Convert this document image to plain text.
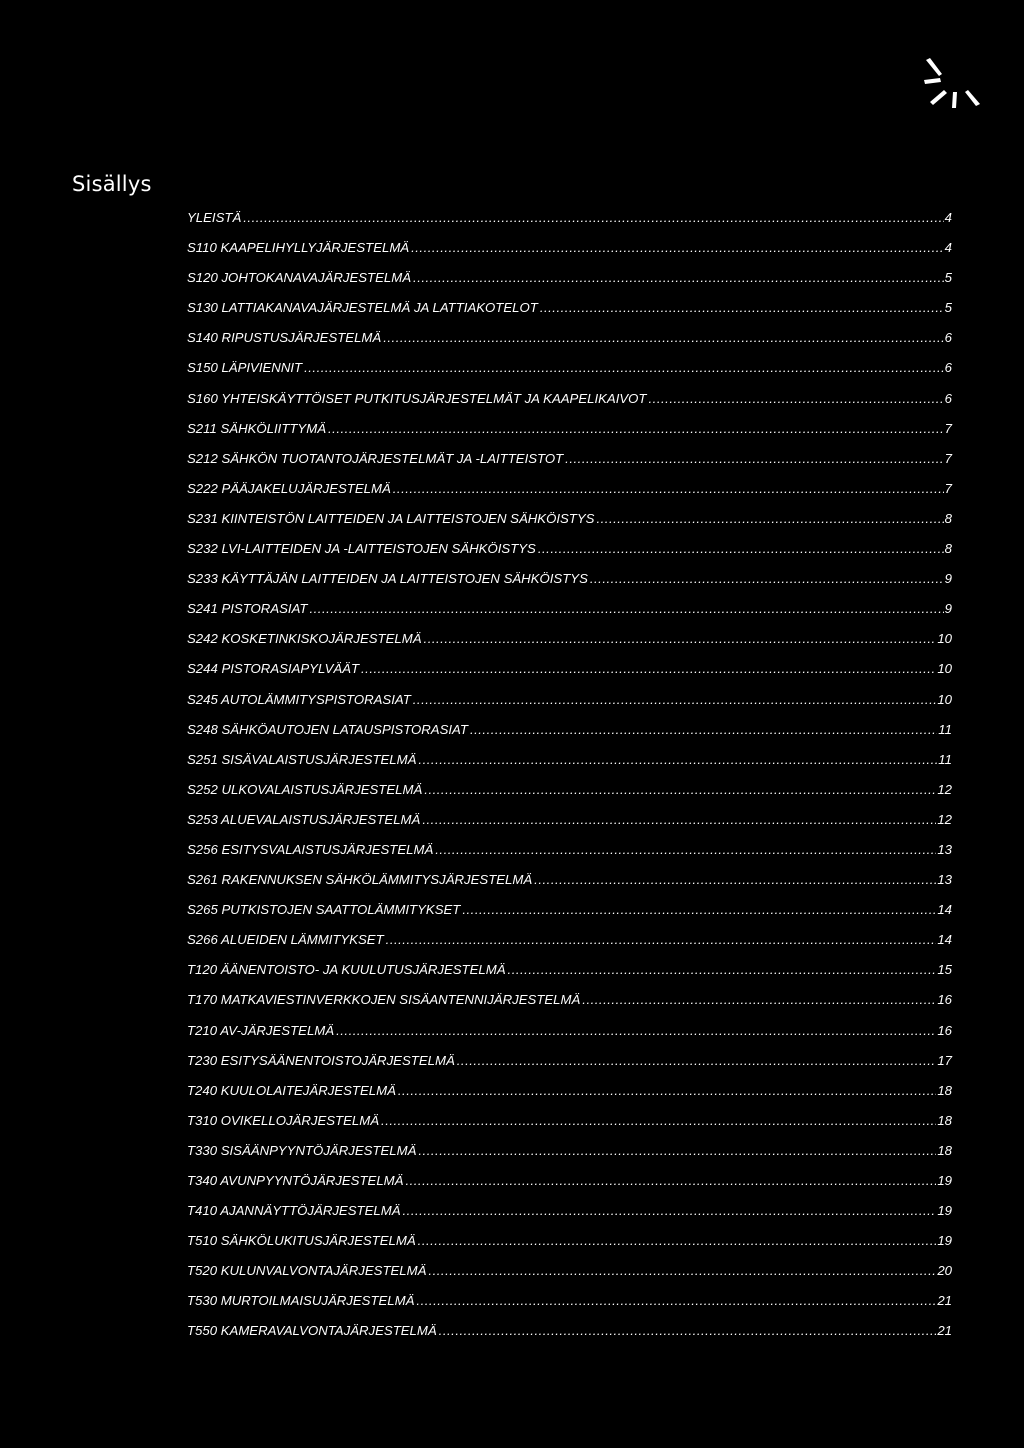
Sisällys
YLEISTÄ .....	4
S110 KAAPELIHYLLYJÄRJESTELMÄ .....	4
S120 JOHTOKANAVAJÄRJESTELMÄ .....	5
S130 LATTIAKANAVAJÄRJESTELMÄ JA LATTIAKOTELOT .....	5
S140 RIPUSTUSJÄRJESTELMÄ .....	6
S150 LÄPIVIENNIT .....	6
S160 YHTEISKÄYTTÖISET PUTKITUSJÄRJESTELMÄT JA KAAPELIKAIVOT .....	6
S211 SÄHKÖLIITTYMÄ .....	7
S212 SÄHKÖN TUOTANTOJÄRJESTELMÄT JA -LAITTEISTOT .....	7
S222 PÄÄJAKELUJÄRJESTELMÄ .....	7
S231 KIINTEISTÖN LAITTEIDEN JA LAITTEISTOJEN SÄHKÖISTYS .....	8
S232 LVI-LAITTEIDEN JA -LAITTEISTOJEN SÄHKÖISTYS .....	8
S233 KÄYTTÄJÄN LAITTEIDEN JA LAITTEISTOJEN SÄHKÖISTYS .....	9
S241 PISTORASIAT .....	9
S242 KOSKETINKISKOJÄRJESTELMÄ .....	10
S244 PISTORASIAPYLVÄÄT .....	10
S245 AUTOLÄMMITYSPISTORASIAT .....	10
S248 SÄHKÖAUTOJEN LATAUSPISTORASIAT .....	11
S251 SISÄVALAISTUSJÄRJESTELMÄ .....	11
S252 ULKOVALAISTUSJÄRJESTELMÄ .....	12
S253 ALUEVALAISTUSJÄRJESTELMÄ .....	12
S256 ESITYSVALAISTUSJÄRJESTELMÄ .....	13
S261 RAKENNUKSEN SÄHKÖLÄMMITYSJÄRJESTELMÄ .....	13
S265 PUTKISTOJEN SAATTOLÄMMITYKSET .....	14
S266 ALUEIDEN LÄMMITYKSET .....	14
T120 ÄÄNENTOISTO- JA KUULUTUSJÄRJESTELMÄ .....	15
T170 MATKAVIESTINVERKKOJEN SISÄANTENNIJÄRJESTELMÄ .....	16
T210 AV-JÄRJESTELMÄ .....	16
T230 ESITYSÄÄNENTOISTOJÄRJESTELMÄ .....	17
T240 KUULOLAITEJÄRJESTELMÄ .....	18
T310 OVIKELLOJÄRJESTELMÄ .....	18
T330 SISÄÄNPYYNTÖJÄRJESTELMÄ .....	18
T340 AVUNPYYNTÖJÄRJESTELMÄ .....	19
T410 AJANNÄYTTÖJÄRJESTELMÄ .....	19
T510 SÄHKÖLUKITUSJÄRJESTELMÄ .....	19
T520 KULUNVALVONTAJÄRJESTELMÄ .....	20
T530 MURTOILMAISUJÄRJESTELMÄ .....	21
T550 KAMERAVALVONTAJÄRJESTELMÄ .....	21
